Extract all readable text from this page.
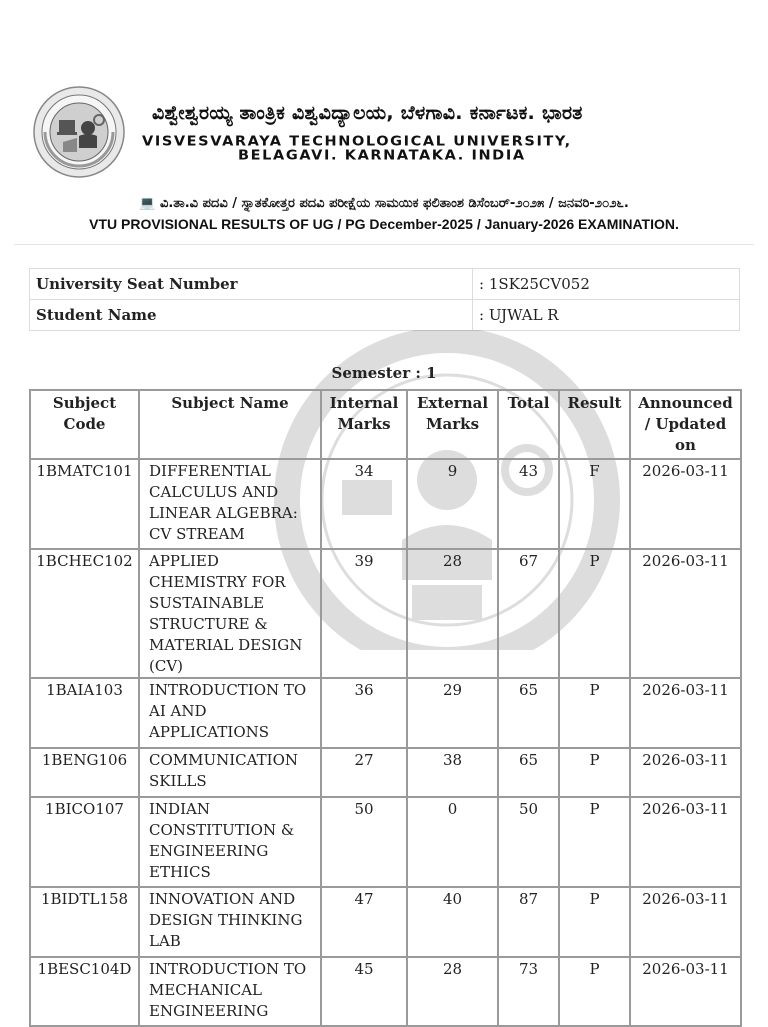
ವಿಶ್ವೇಶ್ವರಯ್ಯ ತಾಂತ್ರಿಕ ವಿಶ್ವವಿದ್ಯಾಲಯ, ಬೆಳಗಾವಿ. ಕರ್ನಾಟಕ. ಭಾರತ
VISVESVARAYA TECHNOLOGICAL UNIVERSITY,
BELAGAVI. KARNATAKA. INDIA
💻 ವಿ.ತಾ.ವಿ ಪದವಿ / ಸ್ನಾತಕೋತ್ತರ ಪದವಿ ಪರೀಕ್ಷೆಯ ಸಾಮಯಿಕ ಫಲಿತಾಂಶ ಡಿಸೆಂಬರ್-೨೦೨೫ / ಜನವರಿ-೨೦೨೬.
VTU PROVISIONAL RESULTS OF UG / PG December-2025 / January-2026 EXAMINATION.
University Seat Number	: 1SK25CV052
Student Name	: UJWAL R
Semester : 1
Subject Code	Subject Name	Internal Marks	External Marks	Total	Result	Announced / Updated on
1BMATC101	DIFFERENTIAL CALCULUS AND LINEAR ALGEBRA: CV STREAM	34	9	43	F	2026-03-11
1BCHEC102	APPLIED CHEMISTRY FOR SUSTAINABLE STRUCTURE & MATERIAL DESIGN (CV)	39	28	67	P	2026-03-11
1BAIA103	INTRODUCTION TO AI AND APPLICATIONS	36	29	65	P	2026-03-11
1BENG106	COMMUNICATION SKILLS	27	38	65	P	2026-03-11
1BICO107	INDIAN CONSTITUTION & ENGINEERING ETHICS	50	0	50	P	2026-03-11
1BIDTL158	INNOVATION AND DESIGN THINKING LAB	47	40	87	P	2026-03-11
1BESC104D	INTRODUCTION TO MECHANICAL ENGINEERING	45	28	73	P	2026-03-11
